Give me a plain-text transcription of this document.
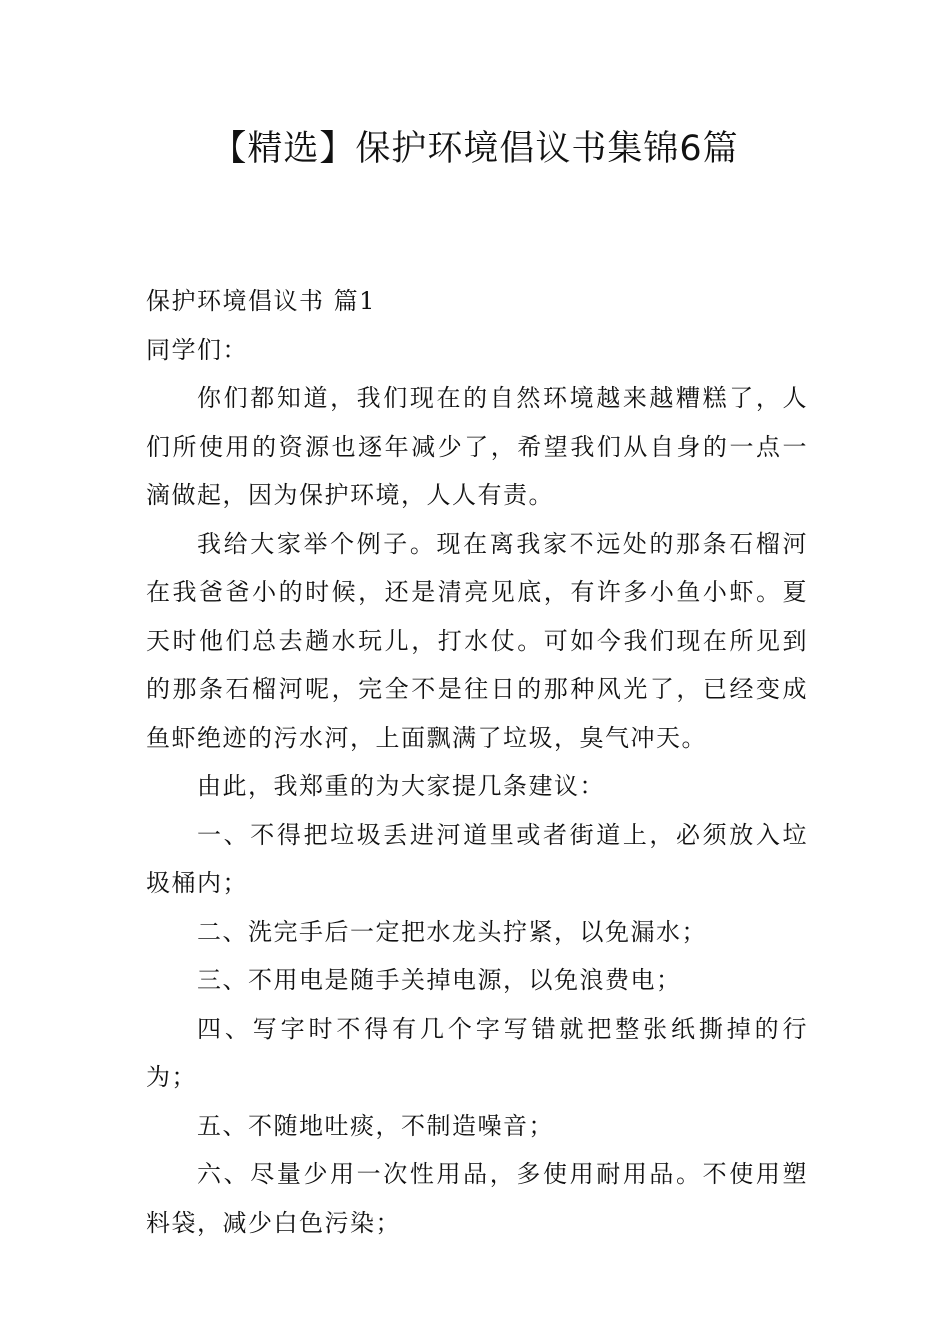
【精选】保护环境倡议书集锦6篇

保护环境倡议书 篇1

同学们：

你们都知道，我们现在的自然环境越来越糟糕了，人们所使用的资源也逐年减少了，希望我们从自身的一点一滴做起，因为保护环境，人人有责。

我给大家举个例子。现在离我家不远处的那条石榴河在我爸爸小的时候，还是清亮见底，有许多小鱼小虾。夏天时他们总去趟水玩儿，打水仗。可如今我们现在所见到的那条石榴河呢，完全不是往日的那种风光了，已经变成鱼虾绝迹的污水河，上面飘满了垃圾，臭气冲天。

由此，我郑重的为大家提几条建议：

一、不得把垃圾丢进河道里或者街道上，必须放入垃圾桶内；

二、洗完手后一定把水龙头拧紧，以免漏水；

三、不用电是随手关掉电源，以免浪费电；

四、写字时不得有几个字写错就把整张纸撕掉的行为；

五、不随地吐痰，不制造噪音；

六、尽量少用一次性用品，多使用耐用品。不使用塑料袋，减少白色污染；
